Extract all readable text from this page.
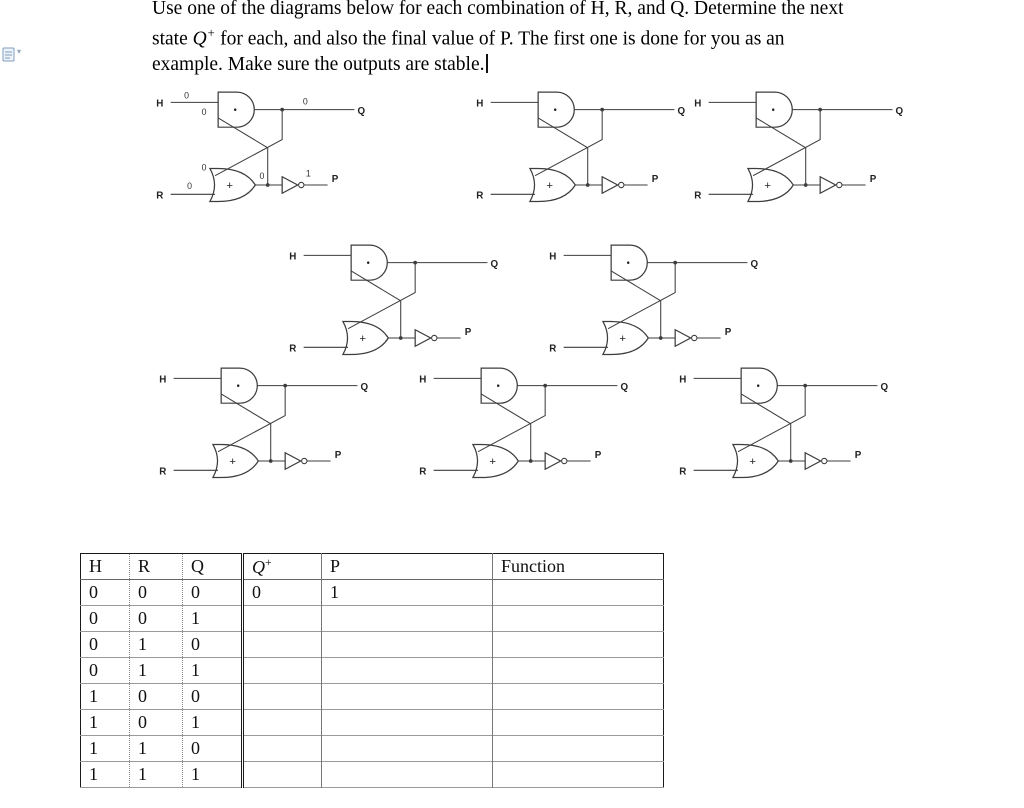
▾
Use one of the diagrams below for each combination of H, R, and Q. Determine the next
state Q+ for each, and also the final value of P. The first one is done for you as an
example. Make sure the outputs are stable.
·
+
H
R
Q
P
0
0
0
0
0
0	1
·
+
H
R
Q
P
·
+
H
R
Q
P
·
+
H
R
Q
P
·
+
H
R
Q
P
·
+
H
R
Q
P
·
+
H
R
Q
P
·
+
H
R
Q
P
H	R	Q	Q+	P	Function
0	0	0	0	1	
0	0	1			
0	1	0			
0	1	1			
1	0	0			
1	0	1			
1	1	0			
1	1	1			
